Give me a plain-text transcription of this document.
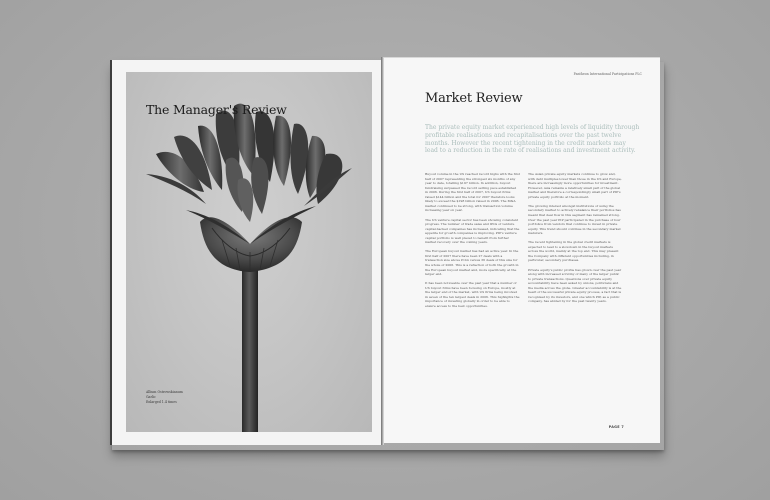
The Manager's Review
Allium Ostrowskianum
Garlic
Enlarged 1.4 times
Pantheon International Participations PLC
Market Review
The private equity market experienced high levels of liquidity through profitable realisations and recapitalisations over the past twelve months. However the recent tightening in the credit markets may lead to a reduction in the rate of realisations and investment activity.

Buyout volume in the US reached record highs with the first half of 2007 representing the strongest six months of any year to date, totalling $197 billion. In addition, buyout fundraising surpassed the record setting pace established in 2006. During the first half of 2007, US buyout firms raised $144 billion and the total for 2007 therefore looks likely to exceed the $198 billion raised in 2006. The M&A market continued to be strong, with transaction volume increasing year on year.

The US venture capital sector has been showing consistent progress. The number of trade sales and IPOs of venture capital-backed companies has increased, indicating that the appetite for growth companies is improving. PIP's venture capital portfolio is well placed to benefit from further market recovery over the coming years.

The European buyout market has had an active year. In the first half of 2007 there have been 27 deals with a transaction size above €1bn versus 36 deals of this size for the whole of 2006. This is a reflection of both the growth in the European buyout market and, more specifically, at the larger end.

It has been noticeable over the past year that a number of US buyout firms have been focusing on Europe, mostly at the larger end of the market, with US firms being involved in seven of the ten largest deals in 2006. This highlights the importance of investing globally in order to be able to ensure access to the best opportunities.

The Asian private equity markets continue to grow and, with debt multiples lower than those in the US and Europe, there are increasingly more opportunities for investment. However, Asia remains a relatively small part of the global market and therefore a correspondingly small part of PIP's private equity portfolio at the moment.

The growing interest amongst institutions of using the secondary market to actively rebalance their portfolios has meant that deal flow in this segment has remained strong. Over the past year PIP participated in the purchase of four portfolios from vendors that continue to invest in private equity. This trend should continue in the secondary market maturers.

The recent tightening in the global credit markets is expected to lead to a slowdown in the buyout markets across the world, mainly at the top end. This may present the Company with different opportunities including, in particular, secondary purchases.

Private equity's public profile has grown over the past year along with increased scrutiny of many of the larger public to private transactions. Questions over private equity accountability have been asked by unions, politicians and the media across the globe. Greater accountability is at the heart of the successful private equity process, a fact that is recognised by its investors, and one which PIP, as a public company, has abided by for the past twenty years.

PAGE 7
